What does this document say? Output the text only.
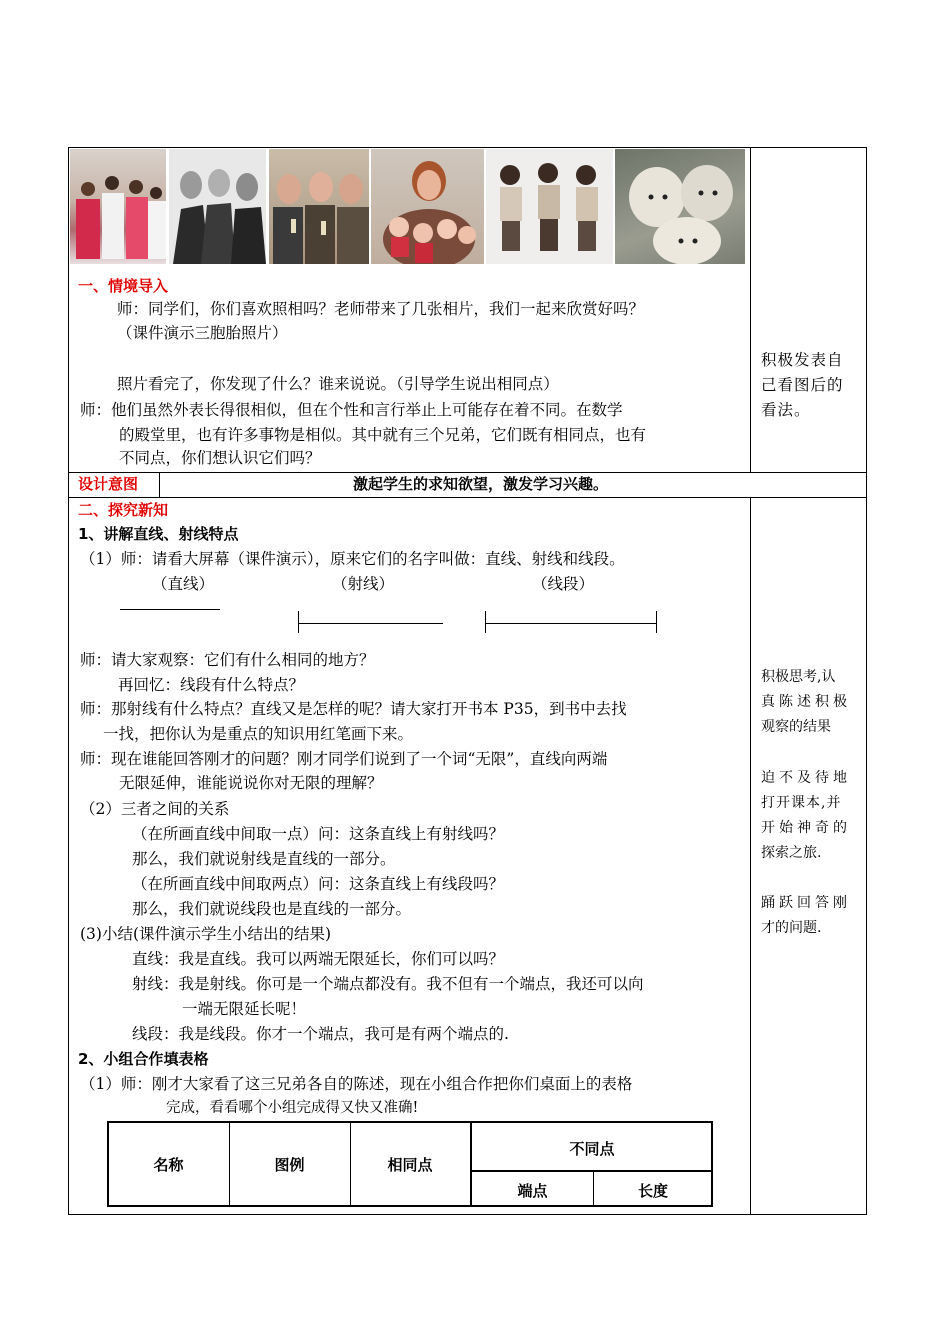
一、情境导入
师：同学们，你们喜欢照相吗？老师带来了几张相片，我们一起来欣赏好吗？
（课件演示三胞胎照片）
照片看完了，你发现了什么？谁来说说。（引导学生说出相同点）
师：他们虽然外表长得很相似，但在个性和言行举止上可能存在着不同。在数学
的殿堂里，也有许多事物是相似。其中就有三个兄弟，它们既有相同点，也有
不同点，你们想认识它们吗？
积极发表自
己看图后的
看法。
设计意图	激起学生的求知欲望，激发学习兴趣。
二、探究新知
1、讲解直线、射线特点
（1）师：请看大屏幕（课件演示），原来它们的名字叫做：直线、射线和线段。
（直线）	（射线）	（线段）
师：请大家观察：它们有什么相同的地方？
再回忆：线段有什么特点？
师：那射线有什么特点？直线又是怎样的呢？请大家打开书本 P35，到书中去找
一找，把你认为是重点的知识用红笔画下来。
师：现在谁能回答刚才的问题？刚才同学们说到了一个词“无限”，直线向两端
无限延伸，谁能说说你对无限的理解？
（2）三者之间的关系
（在所画直线中间取一点）问：这条直线上有射线吗？
那么，我们就说射线是直线的一部分。
（在所画直线中间取两点）问：这条直线上有线段吗？
那么，我们就说线段也是直线的一部分。
(3)小结(课件演示学生小结出的结果)
直线：我是直线。我可以两端无限延长，你们可以吗？
射线：我是射线。你可是一个端点都没有。我不但有一个端点，我还可以向
一端无限延长呢！
线段：我是线段。你才一个端点，我可是有两个端点的.
2、小组合作填表格
（1）师：刚才大家看了这三兄弟各自的陈述，现在小组合作把你们桌面上的表格
完成，看看哪个小组完成得又快又准确!
名称	图例	相同点
不同点
端点	长度
积极思考,认
真陈述积极
观察的结果
迫不及待地
打开课本,并
开始神奇的
探索之旅.
踊跃回答刚
才的问题.
